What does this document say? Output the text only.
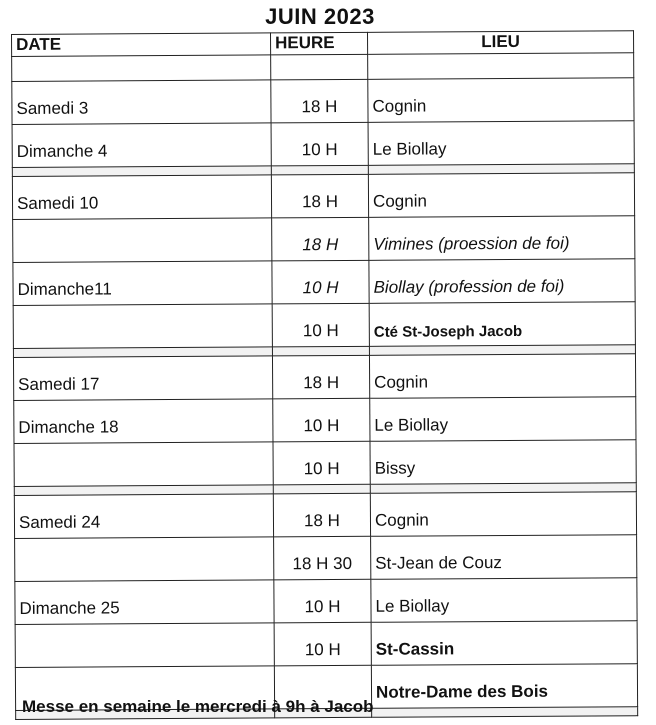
JUIN 2023
DATE	HEURE	LIEU

Samedi 3	18 H	Cognin
Dimanche 4	10 H	Le Biollay

Samedi 10	18 H	Cognin
	18 H	Vimines (proession de foi)
Dimanche11	10 H	Biollay (profession de foi)
	10 H	Cté St-Joseph Jacob

Samedi 17	18 H	Cognin
Dimanche 18	10 H	Le Biollay
	10 H	Bissy

Samedi 24	18 H	Cognin
	18 H 30	St-Jean de Couz
Dimanche 25	10 H	Le Biollay
	10 H	St-Cassin
		Notre-Dame des Bois

Messe en semaine le mercredi à 9h à Jacob
